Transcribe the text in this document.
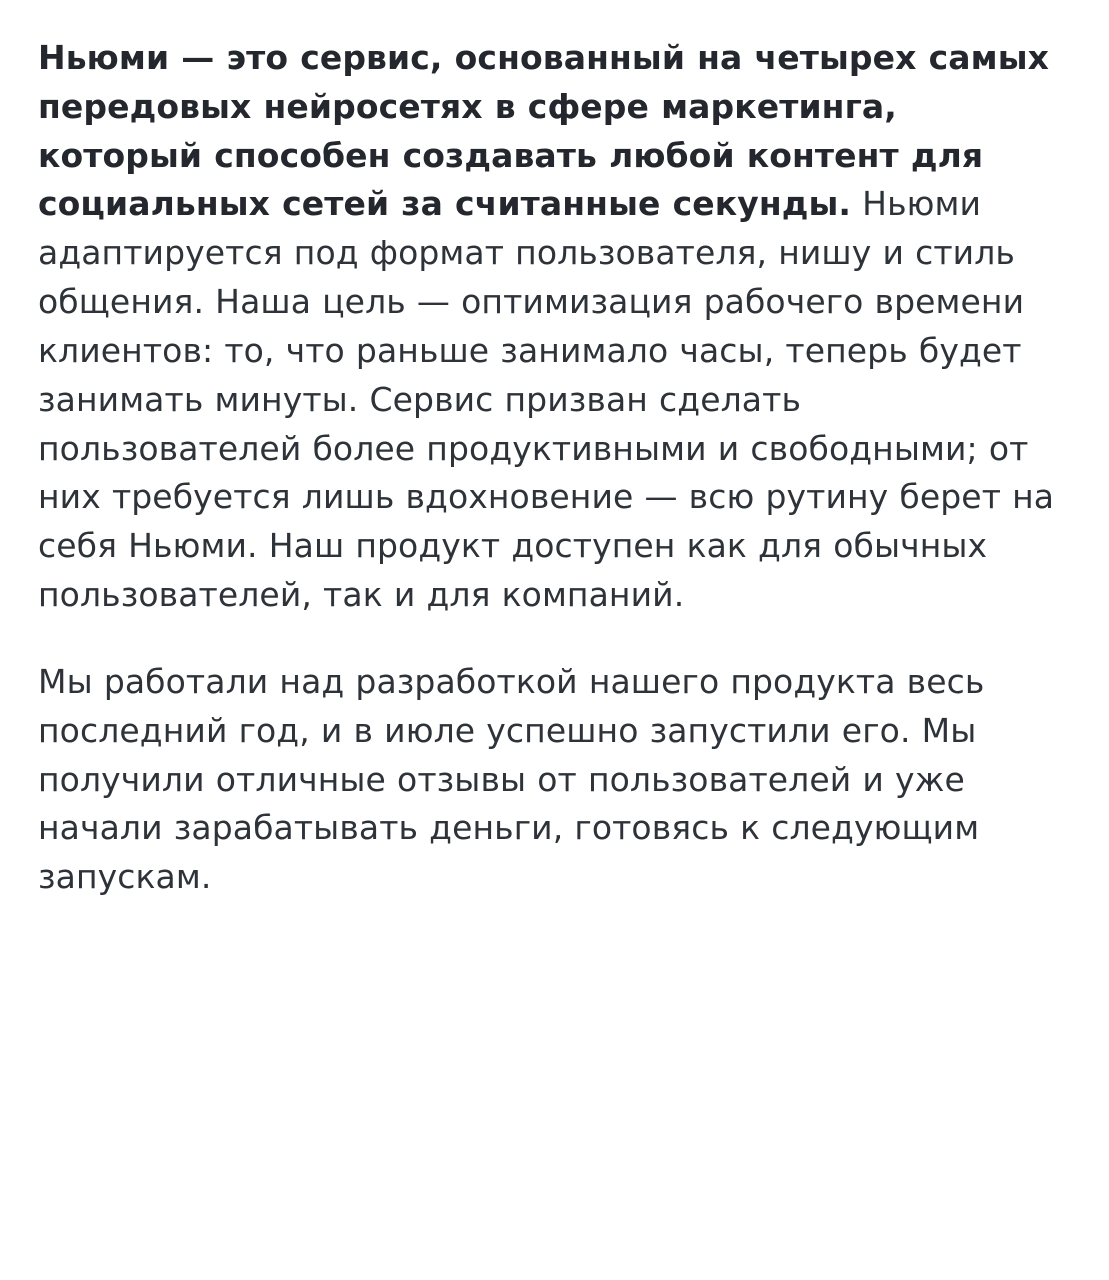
Ньюми — это сервис, основанный на четырех самых передовых нейросетях в сфере маркетинга, который способен создавать любой контент для социальных сетей за считанные секунды. Ньюми адаптируется под формат пользователя, нишу и стиль общения. Наша цель — оптимизация рабочего времени клиентов: то, что раньше занимало часы, теперь будет занимать минуты. Сервис призван сделать пользователей более продуктивными и свободными; от них требуется лишь вдохновение — всю рутину берет на себя Ньюми. Наш продукт доступен как для обычных пользователей, так и для компаний.

Мы работали над разработкой нашего продукта весь последний год, и в июле успешно запустили его. Мы получили отличные отзывы от пользователей и уже начали зарабатывать деньги, готовясь к следующим запускам.
